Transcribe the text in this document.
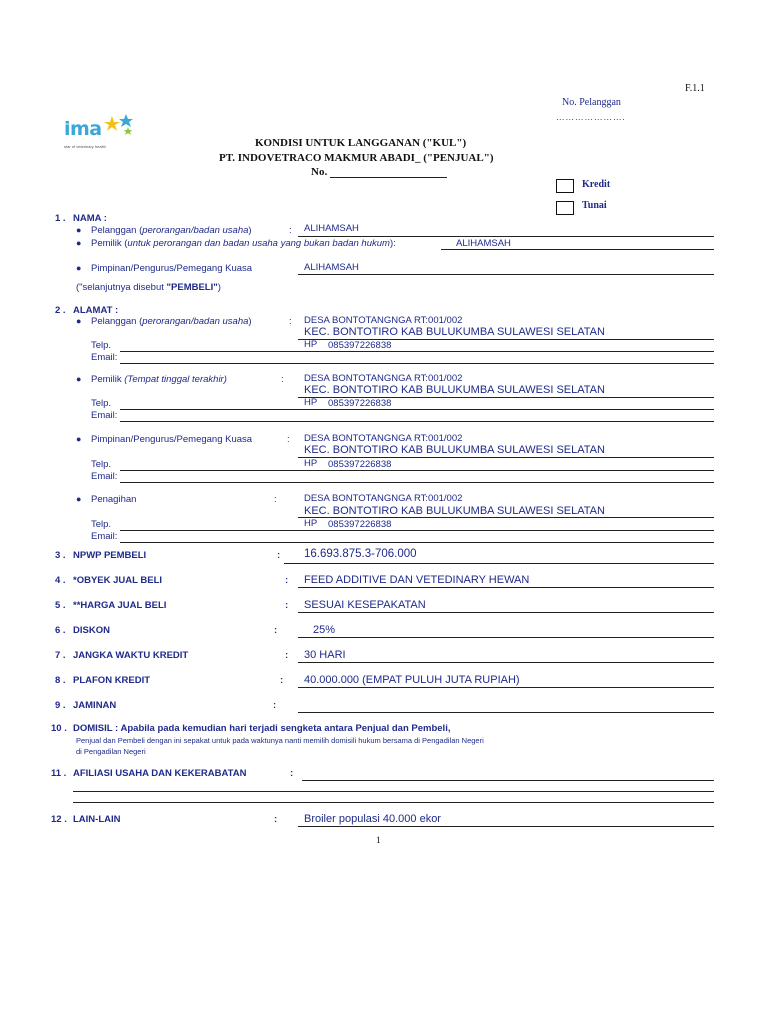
F.1.1
No. Pelanggan
………………….
ima
star of veterinary health	KONDISI UNTUK LANGGANAN ("KUL")
PT. INDOVETRACO MAKMUR ABADI_ ("PENJUAL")
No.
Kredit
Tunai
1 . NAMA :
● Pelanggan (perorangan/badan usaha)	: ALIHAMSAH
● Pemilik (untuk perorangan dan badan usaha yang bukan badan hukum):	ALIHAMSAH
● Pimpinan/Pengurus/Pemegang Kuasa	ALIHAMSAH
("selanjutnya disebut "PEMBELI")
2 . ALAMAT :
● Pelanggan (perorangan/badan usaha)	: DESA BONTOTANGNGA RT:001/002
KEC. BONTOTIRO KAB BULUKUMBA SULAWESI SELATAN
Telp.	HP 085397226838
Email:
● Pemilik (Tempat tinggal terakhir)	: DESA BONTOTANGNGA RT:001/002
KEC. BONTOTIRO KAB BULUKUMBA SULAWESI SELATAN
Telp.	HP 085397226838
Email:
● Pimpinan/Pengurus/Pemegang Kuasa	: DESA BONTOTANGNGA RT:001/002
KEC. BONTOTIRO KAB BULUKUMBA SULAWESI SELATAN
Telp.	HP 085397226838
Email:
● Penagihan	:	DESA BONTOTANGNGA RT:001/002
KEC. BONTOTIRO KAB BULUKUMBA SULAWESI SELATAN
Telp.	HP 085397226838
Email:
3 . NPWP PEMBELI	: 16.693.875.3-706.000
4 . *OBYEK JUAL BELI	: FEED ADDITIVE DAN VETEDINARY HEWAN
5 . **HARGA JUAL BELI	: SESUAI KESEPAKATAN
6 . DISKON	:	25%
7 . JANGKA WAKTU KREDIT	: 30 HARI
8 . PLAFON KREDIT	: 40.000.000 (EMPAT PULUH JUTA RUPIAH)
9 . JAMINAN	:
10 . DOMISIL : Apabila pada kemudian hari terjadi sengketa antara Penjual dan Pembeli,
Penjual dan Pembeli dengan ini sepakat untuk pada waktunya nanti memilih domisili hukum bersama di Pengadilan Negeri
di Pengadilan Negeri
11 . AFILIASI USAHA DAN KEKERABATAN	:
12 . LAIN-LAIN	: Broiler populasi 40.000 ekor
1
